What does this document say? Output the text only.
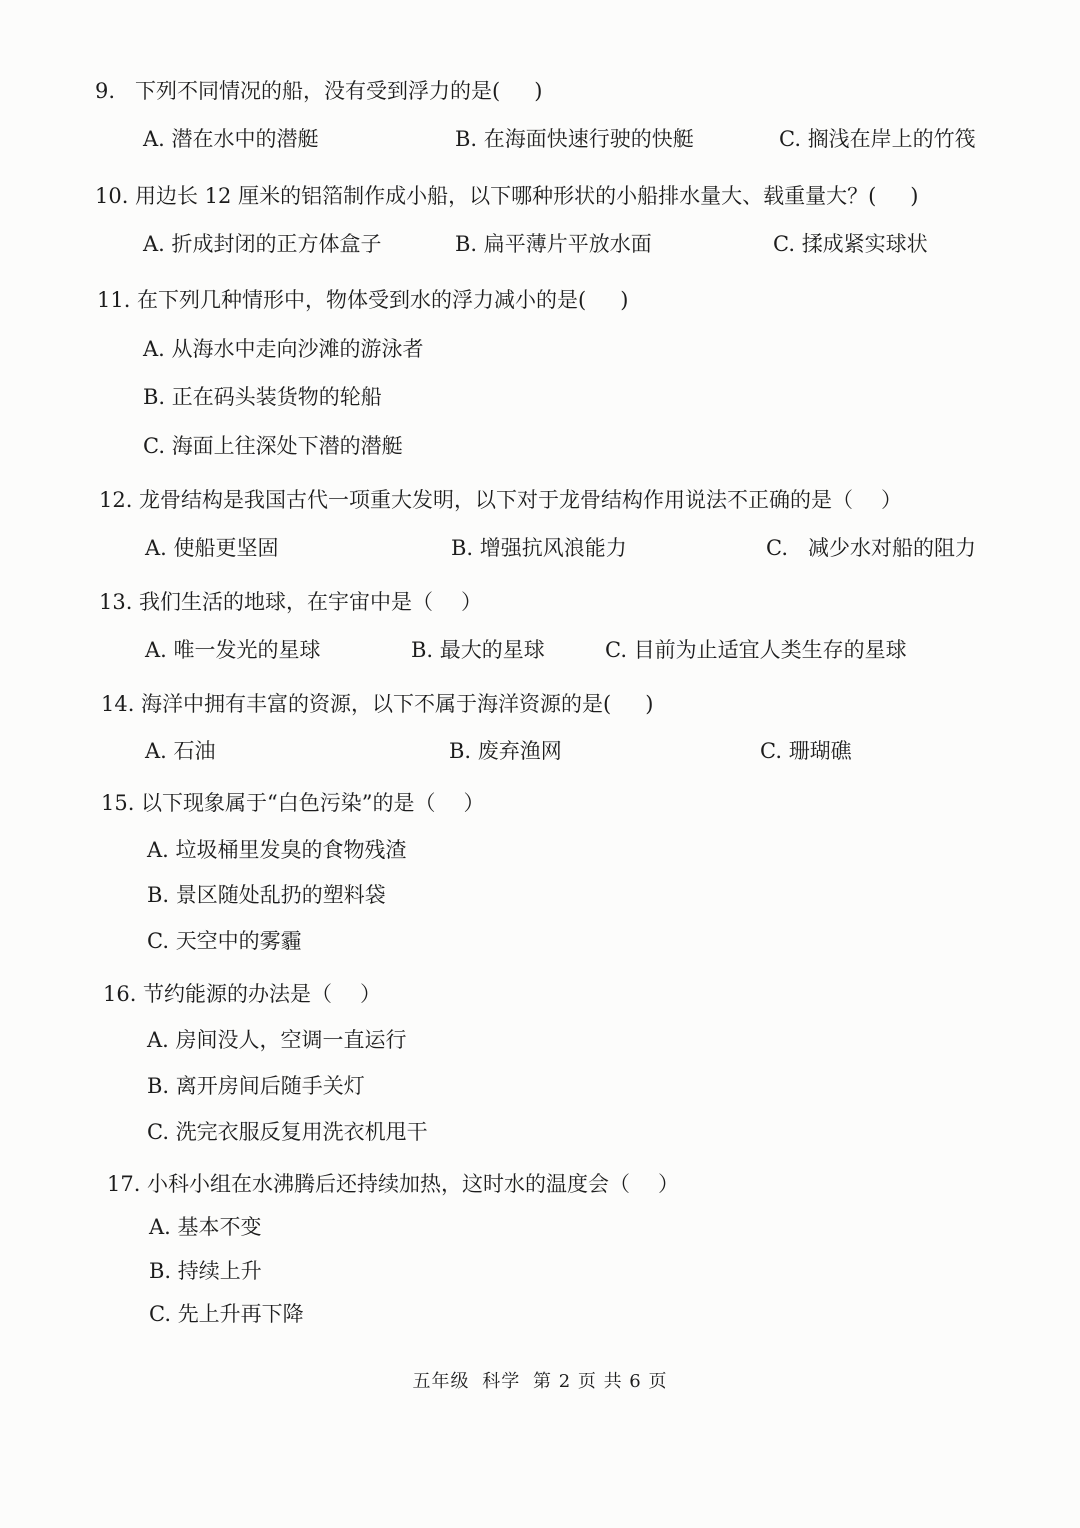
9. 下列不同情况的船，没有受到浮力的是( )
A. 潜在水中的潜艇	B. 在海面快速行驶的快艇	C. 搁浅在岸上的竹筏
10. 用边长 12 厘米的铝箔制作成小船，以下哪种形状的小船排水量大、载重量大？( )
A. 折成封闭的正方体盒子	B. 扁平薄片平放水面	C. 揉成紧实球状
11. 在下列几种情形中，物体受到水的浮力减小的是( )
A. 从海水中走向沙滩的游泳者
B. 正在码头装货物的轮船
C. 海面上往深处下潜的潜艇
12. 龙骨结构是我国古代一项重大发明，以下对于龙骨结构作用说法不正确的是（ ）
A. 使船更坚固	B. 增强抗风浪能力	C. 减少水对船的阻力
13. 我们生活的地球，在宇宙中是（ ）
A. 唯一发光的星球	B. 最大的星球	C. 目前为止适宜人类生存的星球
14. 海洋中拥有丰富的资源，以下不属于海洋资源的是( )
A. 石油	B. 废弃渔网	C. 珊瑚礁
15. 以下现象属于“白色污染”的是（ ）
A. 垃圾桶里发臭的食物残渣
B. 景区随处乱扔的塑料袋
C. 天空中的雾霾
16. 节约能源的办法是（ ）
A. 房间没人，空调一直运行
B. 离开房间后随手关灯
C. 洗完衣服反复用洗衣机甩干
17. 小科小组在水沸腾后还持续加热，这时水的温度会（ ）
A. 基本不变
B. 持续上升
C. 先上升再下降
五年级 科学 第 2 页 共 6 页
